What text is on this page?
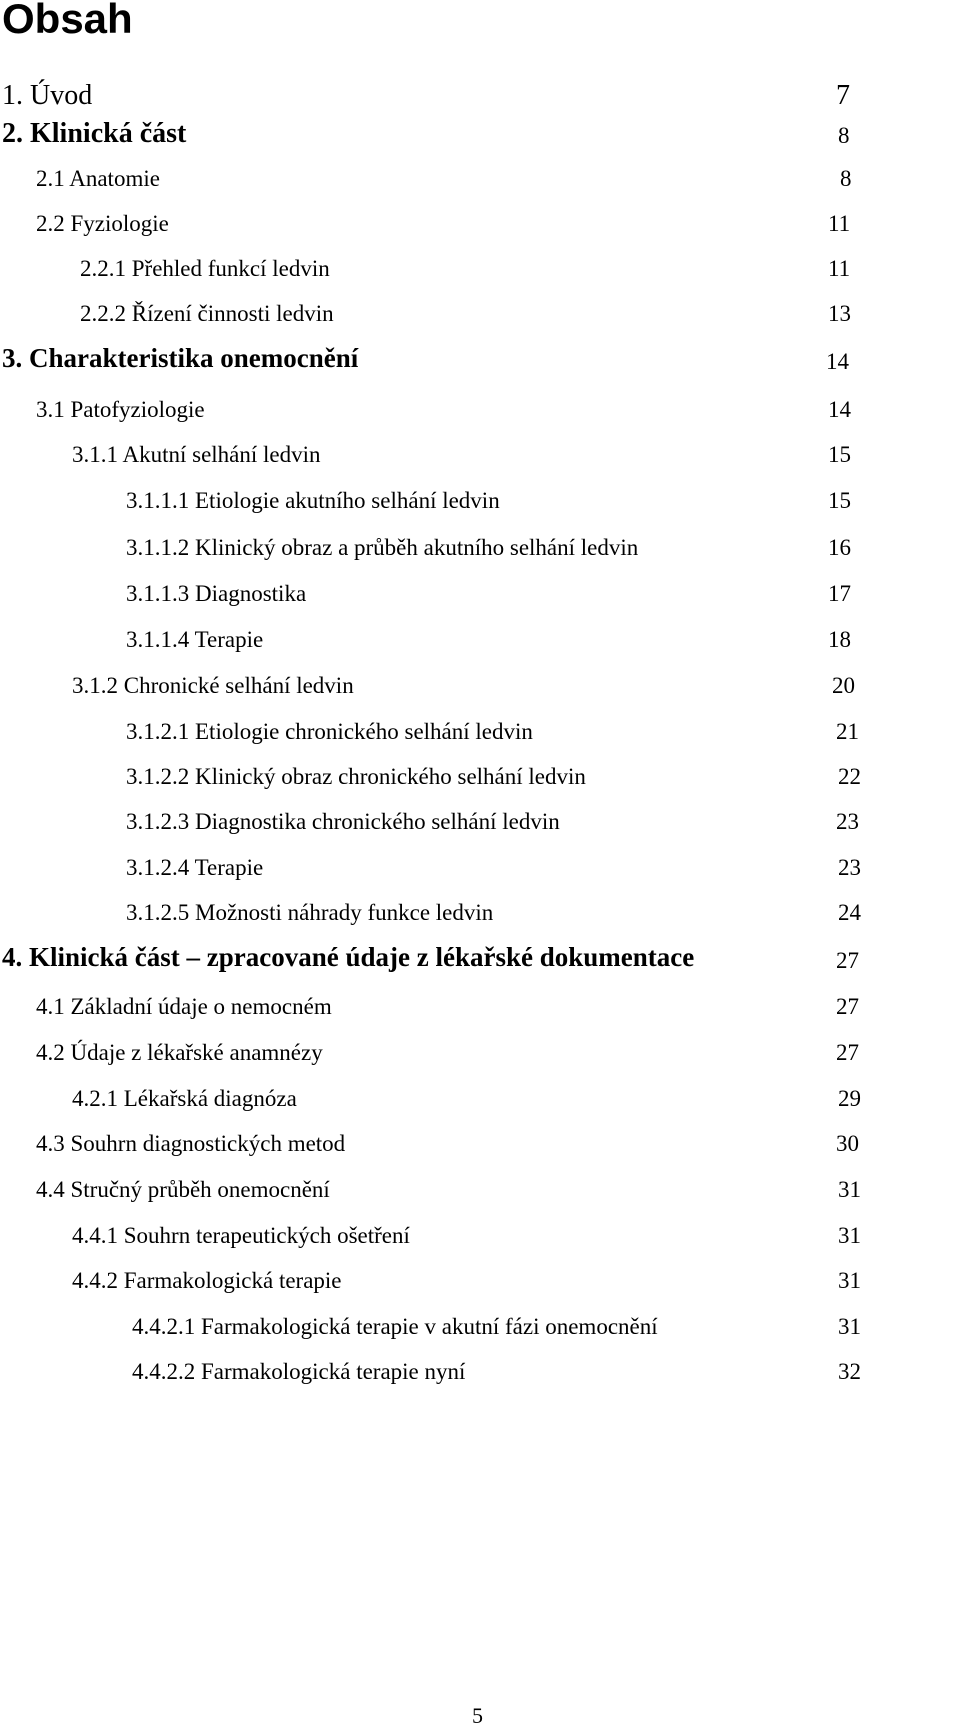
Obsah
1. Úvod	7
2. Klinická část	8
2.1 Anatomie	8
2.2 Fyziologie	11
2.2.1 Přehled funkcí ledvin	11
2.2.2 Řízení činnosti ledvin	13
3. Charakteristika onemocnění	14
3.1 Patofyziologie	14
3.1.1 Akutní selhání ledvin	15
3.1.1.1 Etiologie akutního selhání ledvin	15
3.1.1.2 Klinický obraz a průběh akutního selhání ledvin	16
3.1.1.3 Diagnostika	17
3.1.1.4 Terapie	18
3.1.2 Chronické selhání ledvin	20
3.1.2.1 Etiologie chronického selhání ledvin	21
3.1.2.2 Klinický obraz chronického selhání ledvin	22
3.1.2.3 Diagnostika chronického selhání ledvin	23
3.1.2.4 Terapie	23
3.1.2.5 Možnosti náhrady funkce ledvin	24
4. Klinická část – zpracované údaje z lékařské dokumentace	27
4.1 Základní údaje o nemocném	27
4.2 Údaje z lékařské anamnézy	27
4.2.1 Lékařská diagnóza	29
4.3 Souhrn diagnostických metod	30
4.4 Stručný průběh onemocnění	31
4.4.1 Souhrn terapeutických ošetření	31
4.4.2 Farmakologická terapie	31
4.4.2.1 Farmakologická terapie v akutní fázi onemocnění	31
4.4.2.2 Farmakologická terapie nyní	32
5
